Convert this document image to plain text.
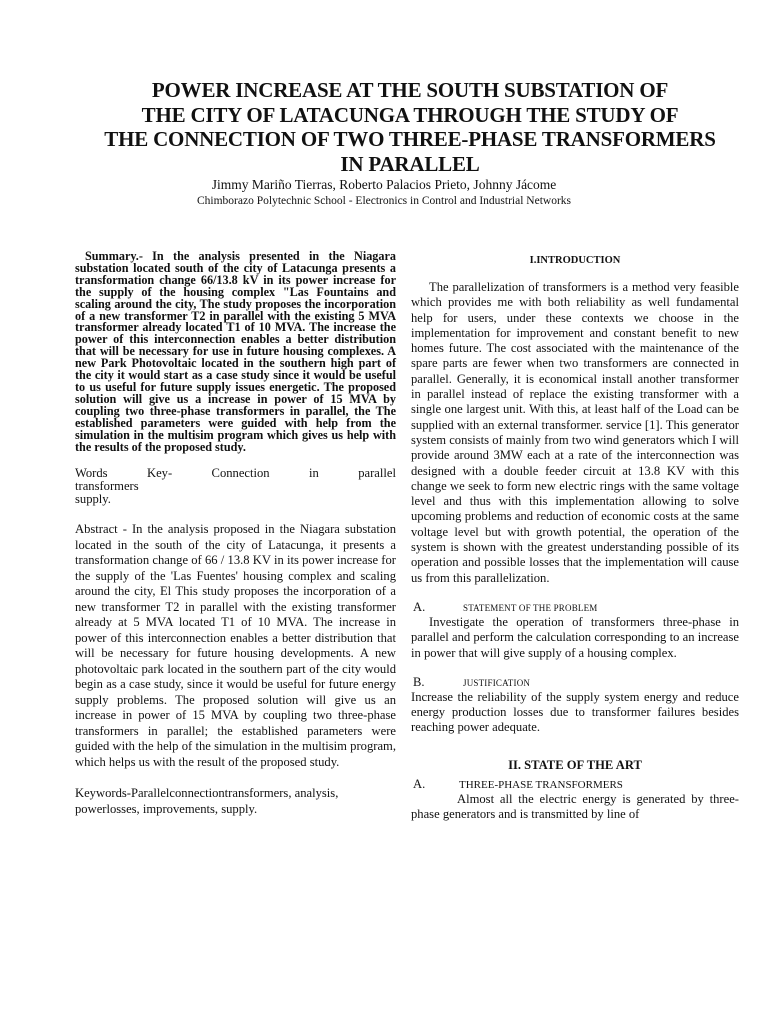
POWER INCREASE AT THE SOUTH SUBSTATION OF
THE CITY OF LATACUNGA THROUGH THE STUDY OF
THE CONNECTION OF TWO THREE-PHASE TRANSFORMERS
IN PARALLEL
Jimmy Mariño Tierras, Roberto Palacios Prieto, Johnny Jácome
Chimborazo Polytechnic School - Electronics in Control and Industrial Networks

Summary.- In the analysis presented in the Niagara substation located south of the city of Latacunga presents a transformation change 66/13.8 kV in its power increase for the supply of the housing complex "Las Fountains and scaling around the city, The study proposes the incorporation of a new transformer T2 in parallel with the existing 5 MVA transformer already located T1 of 10 MVA. The increase the power of this interconnection enables a better distribution that will be necessary for use in future housing complexes. A new Park Photovoltaic located in the southern high part of the city it would start as a case study since it would be useful to us useful for future supply issues energetic. The proposed solution will give us a increase in power of 15 MVA by coupling two three-phase transformers in parallel, the The established parameters were guided with help from the simulation in the multisim program which gives us help with the results of the proposed study.

Words	Key-	Connection	in	parallel
transformers
supply.

Abstract - In the analysis proposed in the Niagara substation located in the south of the city of Latacunga, it presents a transformation change of 66 / 13.8 KV in its power increase for the supply of the 'Las Fuentes' housing complex and scaling around the city, El This study proposes the incorporation of a new transformer T2 in parallel with the existing transformer already at 5 MVA located T1 of 10 MVA. The increase in power of this interconnection enables a better distribution that will be necessary for future housing developments. A new photovoltaic park located in the southern part of the city would begin as a case study, since it would be useful for future energy supply problems. The proposed solution will give us an increase in power of 15 MVA by coupling two three-phase transformers in parallel; the established parameters were guided with the help of the simulation in the multisim program, which helps us with the result of the proposed study.

Keywords-Parallelconnectiontransformers, analysis, powerlosses, improvements, supply.

I.INTRODUCTION

The parallelization of transformers is a method very feasible which provides me with both reliability as well fundamental help for users, under these contexts we choose in the implementation for improvement and constant benefit to new homes future. The cost associated with the maintenance of the spare parts are fewer when two transformers are connected in parallel. Generally, it is economical install another transformer in parallel instead of replace the existing transformer with a single one largest unit. With this, at least half of the Load can be supplied with an external transformer. service [1]. This generator system consists of mainly from two wind generators which I will provide around 3MW each at a rate of the interconnection was designed with a double feeder circuit at 13.8 KV with this change we seek to form new electric rings with the same voltage level and thus with this implementation allowing to solve upcoming problems and reduction of economic costs at the same voltage level but with growth potential, the operation of the system is shown with the greatest understanding possible of its operation and possible losses that the implementation will cause us from this parallelization.

A.	STATEMENT OF THE PROBLEM
Investigate the operation of transformers three-phase in parallel and perform the calculation corresponding to an increase in power that will give supply of a housing complex.
B.	JUSTIFICATION
Increase the reliability of the supply system energy and reduce energy production losses due to transformer failures besides reaching power adequate.
II. STATE OF THE ART
A.	THREE-PHASE TRANSFORMERS
Almost all the electric energy is generated by three-phase generators and is transmitted by line of
